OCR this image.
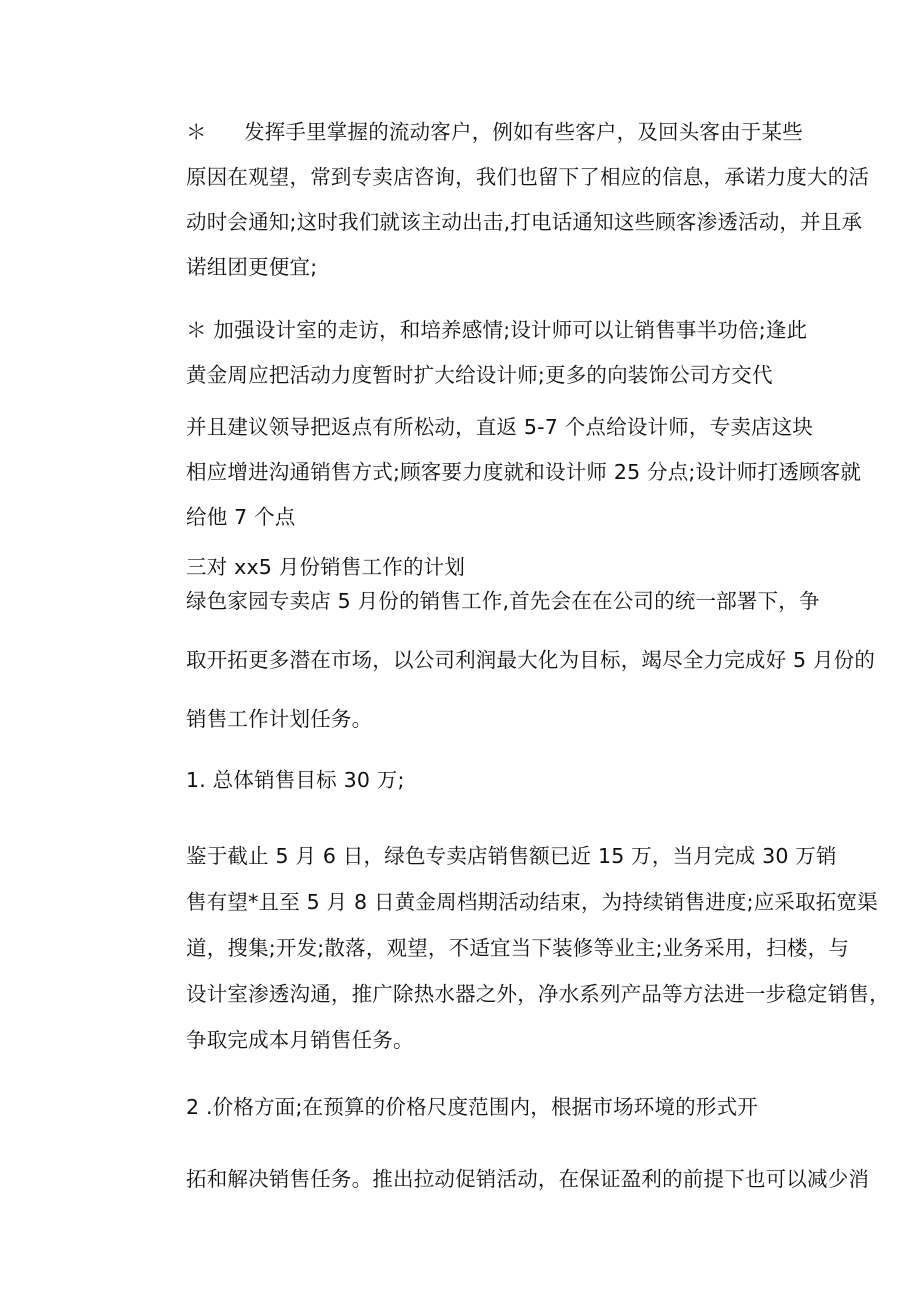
＊ 发挥手里掌握的流动客户，例如有些客户，及回头客由于某些
原因在观望，常到专卖店咨询，我们也留下了相应的信息，承诺力度大的活
动时会通知;这时我们就该主动出击,打电话通知这些顾客渗透活动，并且承
诺组团更便宜;
＊ 加强设计室的走访，和培养感情;设计师可以让销售事半功倍;逢此
黄金周应把活动力度暂时扩大给设计师;更多的向装饰公司方交代
并且建议领导把返点有所松动，直返 5-7 个点给设计师，专卖店这块
相应增进沟通销售方式;顾客要力度就和设计师 25 分点;设计师打透顾客就
给他 7 个点
三对 xx5 月份销售工作的计划
绿色家园专卖店 5 月份的销售工作,首先会在在公司的统一部署下，争
取开拓更多潜在市场，以公司利润最大化为目标，竭尽全力完成好 5 月份的
销售工作计划任务。
1. 总体销售目标 30 万;
鉴于截止 5 月 6 日，绿色专卖店销售额已近 15 万，当月完成 30 万销
售有望*且至 5 月 8 日黄金周档期活动结束，为持续销售进度;应采取拓宽渠
道，搜集;开发;散落，观望，不适宜当下装修等业主;业务采用，扫楼，与
设计室渗透沟通，推广除热水器之外，净水系列产品等方法进一步稳定销售，
争取完成本月销售任务。
2 .价格方面;在预算的价格尺度范围内，根据市场环境的形式开
拓和解决销售任务。推出拉动促销活动，在保证盈利的前提下也可以减少消
